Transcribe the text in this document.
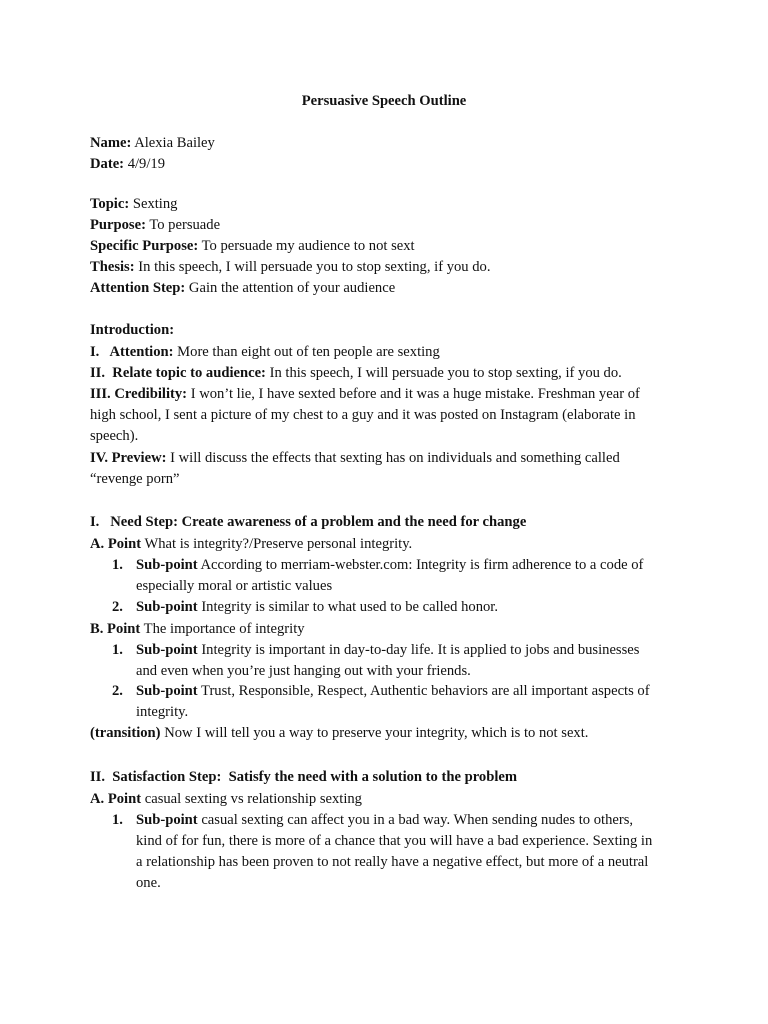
Persuasive Speech Outline
Name: Alexia Bailey
Date: 4/9/19
Topic: Sexting
Purpose: To persuade
Specific Purpose: To persuade my audience to not sext
Thesis: In this speech, I will persuade you to stop sexting, if you do.
Attention Step: Gain the attention of your audience
Introduction:
I.   Attention: More than eight out of ten people are sexting
II.  Relate topic to audience: In this speech, I will persuade you to stop sexting, if you do.
III. Credibility: I won’t lie, I have sexted before and it was a huge mistake. Freshman year of
high school, I sent a picture of my chest to a guy and it was posted on Instagram (elaborate in
speech).
IV. Preview: I will discuss the effects that sexting has on individuals and something called
“revenge porn”
I.   Need Step: Create awareness of a problem and the need for change
A. Point What is integrity?/Preserve personal integrity.
1. Sub-point According to merriam-webster.com: Integrity is firm adherence to a code of
especially moral or artistic values
2. Sub-point Integrity is similar to what used to be called honor.
B. Point The importance of integrity
1. Sub-point Integrity is important in day-to-day life. It is applied to jobs and businesses
and even when you’re just hanging out with your friends.
2. Sub-point Trust, Responsible, Respect, Authentic behaviors are all important aspects of
integrity.
(transition) Now I will tell you a way to preserve your integrity, which is to not sext.
II.  Satisfaction Step:  Satisfy the need with a solution to the problem
A. Point casual sexting vs relationship sexting
1. Sub-point casual sexting can affect you in a bad way. When sending nudes to others,
kind of for fun, there is more of a chance that you will have a bad experience. Sexting in
a relationship has been proven to not really have a negative effect, but more of a neutral
one.
